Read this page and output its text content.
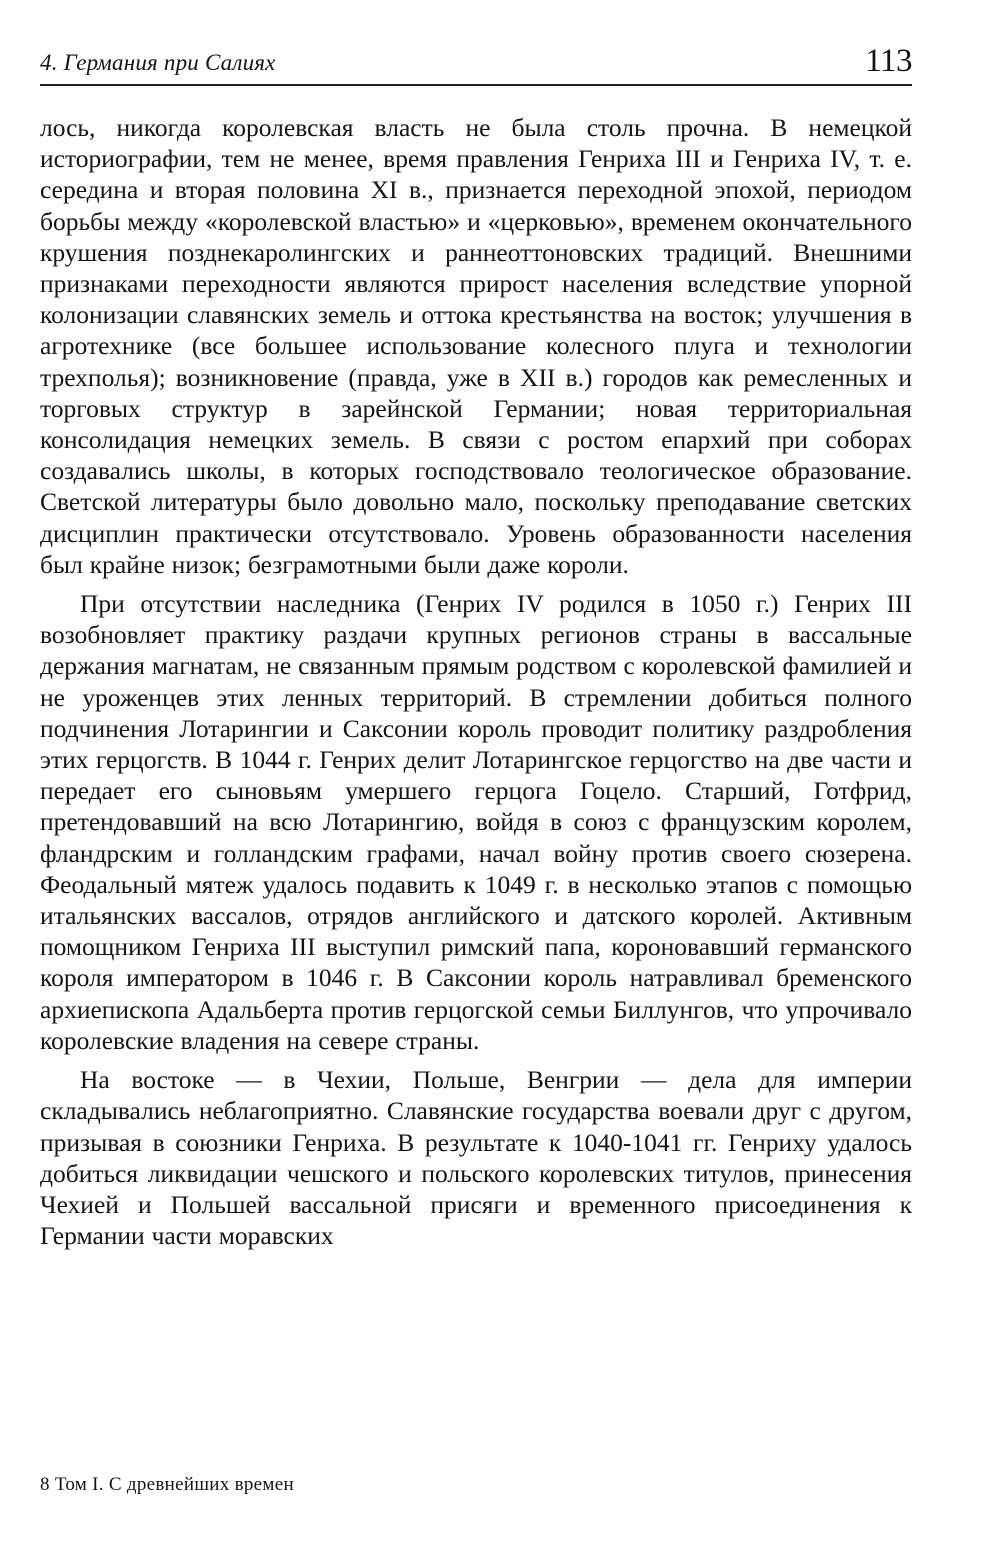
4. Германия при Салиях	113

лось, никогда королевская власть не была столь прочна. В немецкой историографии, тем не менее, время правления Генриха III и Генриха IV, т. е. середина и вторая половина XI в., признается переходной эпохой, периодом борьбы между «королевской властью» и «церковью», временем окончательного крушения позднекаролингских и раннеоттоновских традиций. Внешними признаками переходности являются прирост населения вследствие упорной колонизации славянских земель и оттока крестьянства на восток; улучшения в агротехнике (все большее использование колесного плуга и технологии трехполья); возникновение (правда, уже в XII в.) городов как ремесленных и торговых структур в зарейнской Германии; новая территориальная консолидация немецких земель. В связи с ростом епархий при соборах создавались школы, в которых господствовало теологическое образование. Светской литературы было довольно мало, поскольку преподавание светских дисциплин практически отсутствовало. Уровень образованности населения был крайне низок; безграмотными были даже короли.

При отсутствии наследника (Генрих IV родился в 1050 г.) Генрих III возобновляет практику раздачи крупных регионов страны в вассальные держания магнатам, не связанным прямым родством с королевской фамилией и не уроженцев этих ленных территорий. В стремлении добиться полного подчинения Лотарингии и Саксонии король проводит политику раздробления этих герцогств. В 1044 г. Генрих делит Лотарингское герцогство на две части и передает его сыновьям умершего герцога Гоцело. Старший, Готфрид, претендовавший на всю Лотарингию, войдя в союз с французским королем, фландрским и голландским графами, начал войну против своего сюзерена. Феодальный мятеж удалось подавить к 1049 г. в несколько этапов с помощью итальянских вассалов, отрядов английского и датского королей. Активным помощником Генриха III выступил римский папа, короновавший германского короля императором в 1046 г. В Саксонии король натравливал бременского архиепископа Адальберта против герцогской семьи Биллунгов, что упрочивало королевские владения на севере страны.

На востоке — в Чехии, Польше, Венгрии — дела для империи складывались неблагоприятно. Славянские государства воевали друг с другом, призывая в союзники Генриха. В результате к 1040-1041 гг. Генриху удалось добиться ликвидации чешского и польского королевских титулов, принесения Чехией и Польшей вассальной присяги и временного присоединения к Германии части моравских

8 Том I. С древнейших времен
